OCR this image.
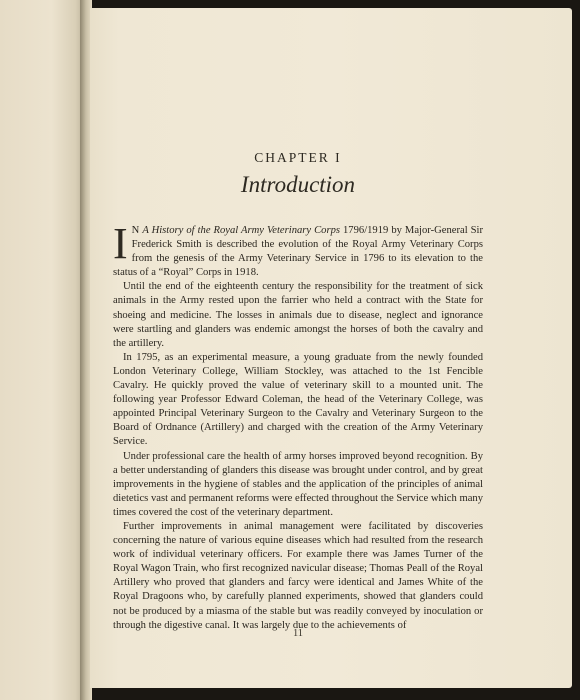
CHAPTER I
Introduction

I N A History of the Royal Army Veterinary Corps 1796/1919 by Major-General Sir Frederick Smith is described the evolution of the Royal Army Veterinary Corps from the genesis of the Army Veterinary Service in 1796 to its elevation to the status of a “Royal” Corps in 1918.

Until the end of the eighteenth century the responsibility for the treatment of sick animals in the Army rested upon the farrier who held a contract with the State for shoeing and medicine. The losses in animals due to disease, neglect and ignorance were startling and glanders was endemic amongst the horses of both the cavalry and the artillery.

In 1795, as an experimental measure, a young graduate from the newly founded London Veterinary College, William Stockley, was attached to the 1st Fencible Cavalry. He quickly proved the value of veterinary skill to a mounted unit. The following year Professor Edward Coleman, the head of the Veterinary College, was appointed Principal Veterinary Surgeon to the Cavalry and Veterinary Surgeon to the Board of Ordnance (Artillery) and charged with the creation of the Army Veterinary Service.

Under professional care the health of army horses improved beyond recognition. By a better understanding of glanders this disease was brought under control, and by great improvements in the hygiene of stables and the application of the principles of animal dietetics vast and permanent reforms were effected throughout the Service which many times covered the cost of the veterinary department.

Further improvements in animal management were facilitated by discoveries concerning the nature of various equine diseases which had resulted from the research work of individual veterinary officers. For example there was James Turner of the Royal Wagon Train, who first recognized navicular disease; Thomas Peall of the Royal Artillery who proved that glanders and farcy were identical and James White of the Royal Dragoons who, by carefully planned experiments, showed that glanders could not be produced by a miasma of the stable but was readily conveyed by inoculation or through the digestive canal. It was largely due to the achievements of

11
